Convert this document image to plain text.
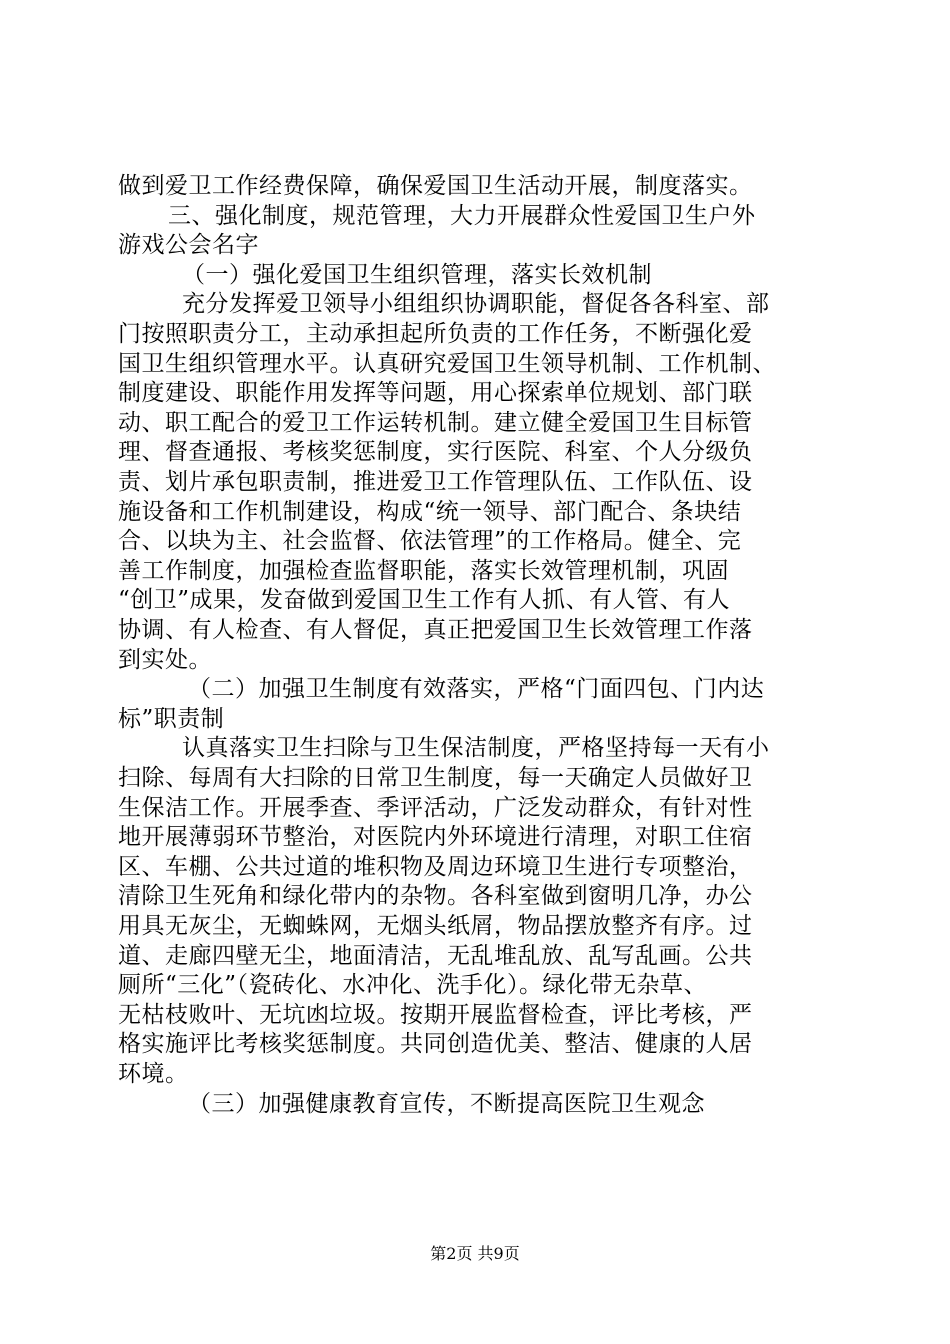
做到爱卫工作经费保障，确保爱国卫生活动开展，制度落实。
三、强化制度，规范管理，大力开展群众性爱国卫生户外
游戏公会名字
（一）强化爱国卫生组织管理，落实长效机制
充分发挥爱卫领导小组组织协调职能，督促各各科室、部
门按照职责分工，主动承担起所负责的工作任务，不断强化爱
国卫生组织管理水平。认真研究爱国卫生领导机制、工作机制、
制度建设、职能作用发挥等问题，用心探索单位规划、部门联
动、职工配合的爱卫工作运转机制。建立健全爱国卫生目标管
理、督查通报、考核奖惩制度，实行医院、科室、个人分级负
责、划片承包职责制，推进爱卫工作管理队伍、工作队伍、设
施设备和工作机制建设，构成“统一领导、部门配合、条块结
合、以块为主、社会监督、依法管理”的工作格局。健全、完
善工作制度，加强检查监督职能，落实长效管理机制，巩固
“创卫”成果，发奋做到爱国卫生工作有人抓、有人管、有人
协调、有人检查、有人督促，真正把爱国卫生长效管理工作落
到实处。
（二）加强卫生制度有效落实，严格“门面四包、门内达
标”职责制
认真落实卫生扫除与卫生保洁制度，严格坚持每一天有小
扫除、每周有大扫除的日常卫生制度，每一天确定人员做好卫
生保洁工作。开展季查、季评活动，广泛发动群众，有针对性
地开展薄弱环节整治，对医院内外环境进行清理，对职工住宿
区、车棚、公共过道的堆积物及周边环境卫生进行专项整治，
清除卫生死角和绿化带内的杂物。各科室做到窗明几净，办公
用具无灰尘，无蜘蛛网，无烟头纸屑，物品摆放整齐有序。过
道、走廊四壁无尘，地面清洁，无乱堆乱放、乱写乱画。公共
厕所“三化”（瓷砖化、水冲化、洗手化）。绿化带无杂草、
无枯枝败叶、无坑凼垃圾。按期开展监督检查，评比考核，严
格实施评比考核奖惩制度。共同创造优美、整洁、健康的人居
环境。
（三）加强健康教育宣传，不断提高医院卫生观念
第2页 共9页
